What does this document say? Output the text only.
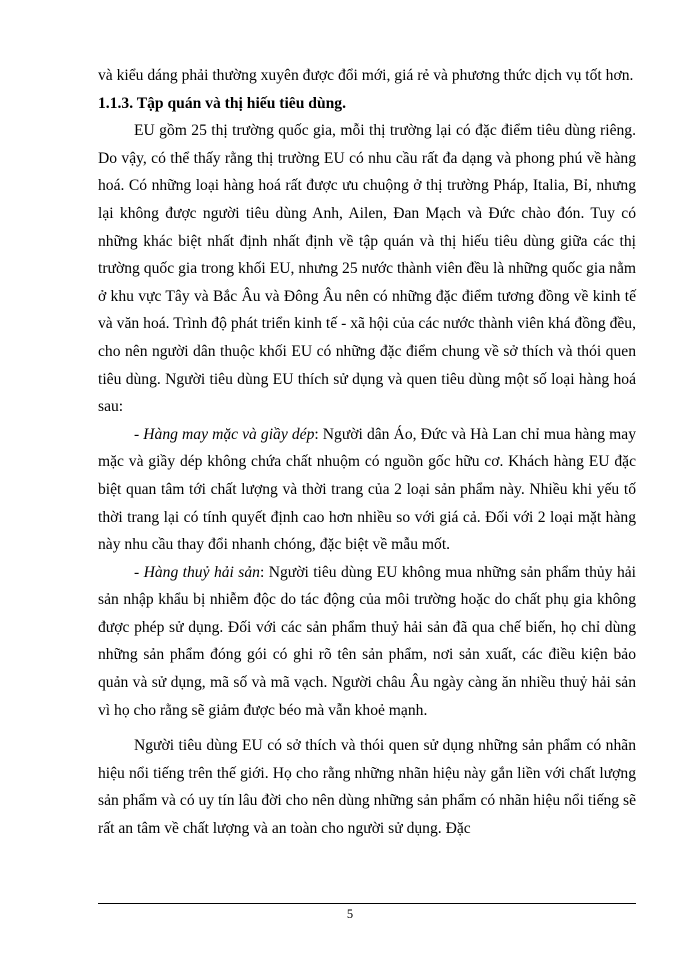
và kiểu dáng phải thường xuyên được đổi mới, giá rẻ và phương thức dịch vụ tốt hơn.

1.1.3. Tập quán và thị hiếu tiêu dùng.

EU gồm 25 thị trường quốc gia, mỗi thị trường lại có đặc điểm tiêu dùng riêng. Do vậy, có thể thấy rằng thị trường EU có nhu cầu rất đa dạng và phong phú về hàng hoá. Có những loại hàng hoá rất được ưu chuộng ở thị trường Pháp, Italia, Bỉ, nhưng lại không được người tiêu dùng Anh, Ailen, Đan Mạch và Đức chào đón. Tuy có những khác biệt nhất định nhất định về tập quán và thị hiếu tiêu dùng giữa các thị trường quốc gia trong khối EU, nhưng 25 nước thành viên đều là những quốc gia nằm ở khu vực Tây và Bắc Âu và Đông Âu nên có những đặc điểm tương đồng về kinh tế và văn hoá. Trình độ phát triển kinh tế - xã hội của các nước thành viên khá đồng đều, cho nên người dân thuộc khối EU có những đặc điểm chung về sở thích và thói quen tiêu dùng. Người tiêu dùng EU thích sử dụng và quen tiêu dùng một số loại hàng hoá sau:

- Hàng may mặc và giầy dép: Người dân Áo, Đức và Hà Lan chỉ mua hàng may mặc và giầy dép không chứa chất nhuộm có nguồn gốc hữu cơ. Khách hàng EU đặc biệt quan tâm tới chất lượng và thời trang của 2 loại sản phẩm này. Nhiều khi yếu tố thời trang lại có tính quyết định cao hơn nhiều so với giá cả. Đối với 2 loại mặt hàng này nhu cầu thay đổi nhanh chóng, đặc biệt về mẫu mốt.

- Hàng thuỷ hải sản: Người tiêu dùng EU không mua những sản phẩm thủy hải sản nhập khẩu bị nhiễm độc do tác động của môi trường hoặc do chất phụ gia không được phép sử dụng. Đối với các sản phẩm thuỷ hải sản đã qua chế biến, họ chỉ dùng những sản phẩm đóng gói có ghi rõ tên sản phẩm, nơi sản xuất, các điều kiện bảo quản và sử dụng, mã số và mã vạch. Người châu Âu ngày càng ăn nhiều thuỷ hải sản vì họ cho rằng sẽ giảm được béo mà vẫn khoẻ mạnh.

Người tiêu dùng EU có sở thích và thói quen sử dụng những sản phẩm có nhãn hiệu nổi tiếng trên thế giới. Họ cho rằng những nhãn hiệu này gắn liền với chất lượng sản phẩm và có uy tín lâu đời cho nên dùng những sản phẩm có nhãn hiệu nổi tiếng sẽ rất an tâm về chất lượng và an toàn cho người sử dụng. Đặc

5
